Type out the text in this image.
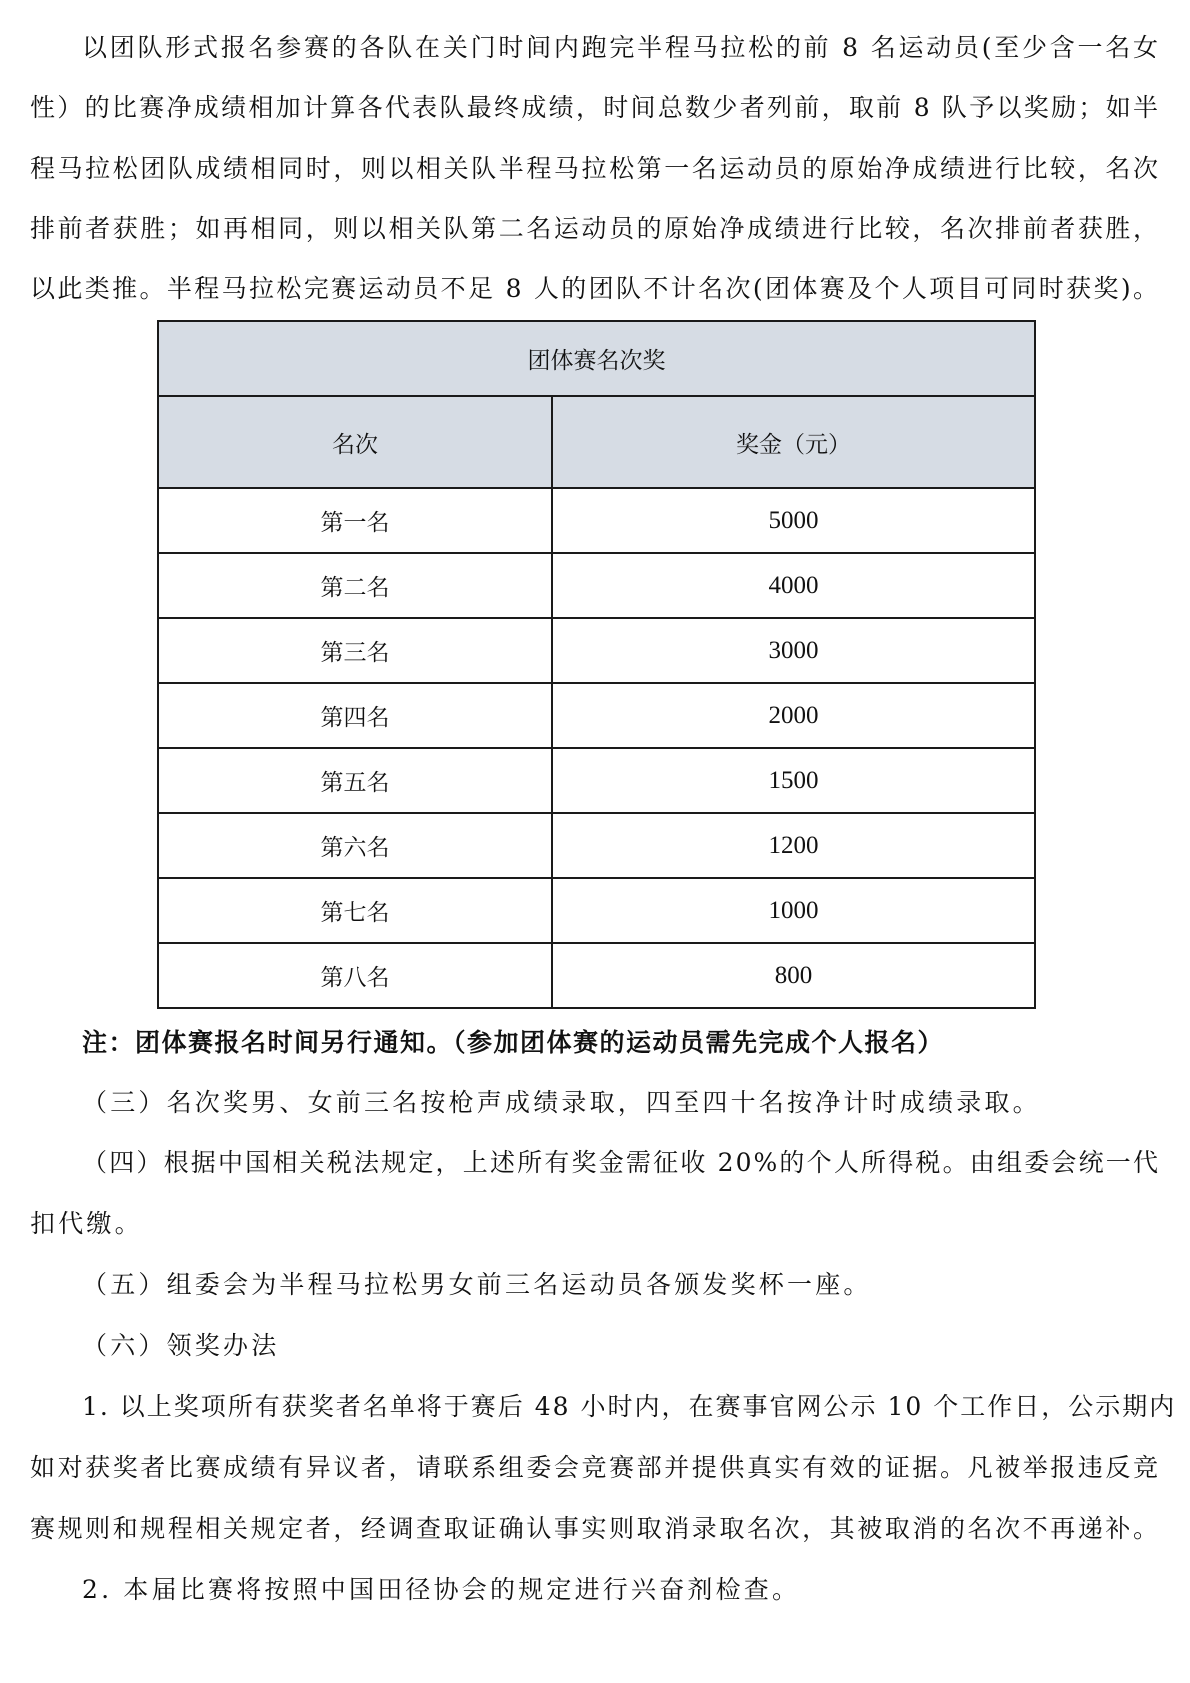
以团队形式报名参赛的各队在关门时间内跑完半程马拉松的前 8 名运动员(至少含一名女
性）的比赛净成绩相加计算各代表队最终成绩，时间总数少者列前，取前 8 队予以奖励；如半
程马拉松团队成绩相同时，则以相关队半程马拉松第一名运动员的原始净成绩进行比较，名次
排前者获胜；如再相同，则以相关队第二名运动员的原始净成绩进行比较，名次排前者获胜，
以此类推。半程马拉松完赛运动员不足 8 人的团队不计名次(团体赛及个人项目可同时获奖)。
团体赛名次奖	
名次	奖金（元）
第一名	5000
第二名	4000
第三名	3000
第四名	2000
第五名	1500
第六名	1200
第七名	1000
第八名	800
注：团体赛报名时间另行通知。（参加团体赛的运动员需先完成个人报名）
（三）名次奖男、女前三名按枪声成绩录取，四至四十名按净计时成绩录取。
（四）根据中国相关税法规定，上述所有奖金需征收 20%的个人所得税。由组委会统一代
扣代缴。
（五）组委会为半程马拉松男女前三名运动员各颁发奖杯一座。
（六）领奖办法
1. 以上奖项所有获奖者名单将于赛后 48 小时内，在赛事官网公示 10 个工作日，公示期内
如对获奖者比赛成绩有异议者，请联系组委会竞赛部并提供真实有效的证据。凡被举报违反竞
赛规则和规程相关规定者，经调查取证确认事实则取消录取名次，其被取消的名次不再递补。
2. 本届比赛将按照中国田径协会的规定进行兴奋剂检查。
